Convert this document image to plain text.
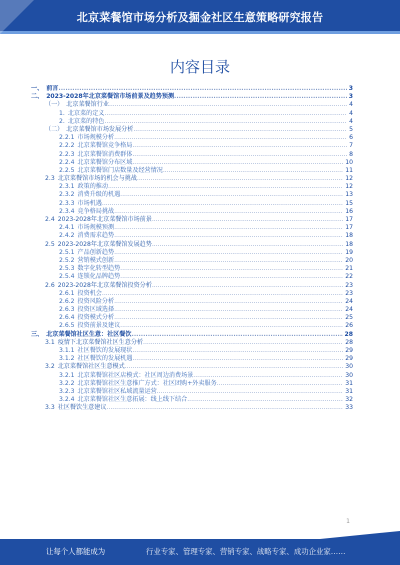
北京菜餐馆市场分析及掘金社区生意策略研究报告
内容目录
一、 前言 .....	3
二、 2023-2028年北京菜餐馆市场前景及趋势预测 .....	3
（一） 北京菜餐馆行业 .....	4
1. 北京菜的定义 .....	4
2. 北京菜的特色 .....	4
（二） 北京菜餐馆市场发展分析 .....	5
2.2.1 市场规模分析 .....	6
2.2.2 北京菜餐馆竞争格局 .....	7
2.2.3 北京菜餐馆消费群体 .....	8
2.2.4 北京菜餐馆分布区域 .....	10
2.2.5 北京菜餐馆门店数量及经营情况 .....	11
2.3 北京菜餐馆市场的机会与挑战 .....	12
2.3.1 政策的推动 .....	12
2.3.2 消费升级的机遇 .....	13
2.3.3 市场机遇 .....	15
2.3.4 竞争格局挑战 .....	16
2.4 2023-2028年北京菜餐馆市场前景 .....	17
2.4.1 市场规模预测 .....	17
2.4.2 消费需求趋势 .....	18
2.5 2023-2028年北京菜餐馆发展趋势 .....	18
2.5.1 产品创新趋势 .....	19
2.5.2 营销模式创新 .....	20
2.5.3 数字化转型趋势 .....	21
2.5.4 连锁化品牌趋势 .....	22
2.6 2023-2028年北京菜餐馆投资分析 .....	23
2.6.1 投资机会 .....	23
2.6.2 投资风险分析 .....	24
2.6.3 投资区域选择 .....	24
2.6.4 投资模式分析 .....	25
2.6.5 投资前景及建议 .....	26
三、 北京菜餐馆社区生意：社区餐饮 .....	28
3.1 疫情下北京菜餐馆社区生意分析 .....	28
3.1.1 社区餐饮的发展现状 .....	29
3.1.2 社区餐饮的发展机遇 .....	29
3.2 北京菜餐馆社区生意模式 .....	30
3.2.1 北京菜餐馆社区店模式：社区周边消费场景 .....	30
3.2.2 北京菜餐馆社区生意推广方式：社区团购+外卖服务 .....	31
3.2.3 北京菜餐馆社区私域流量运营 .....	31
3.2.4 北京菜餐馆社区生意拓展：线上线下结合 .....	32
3.3 社区餐饮生意建议 .....	33
1
让每个人都能成为	行业专家、管理专家、营销专家、战略专家、成功企业家……
